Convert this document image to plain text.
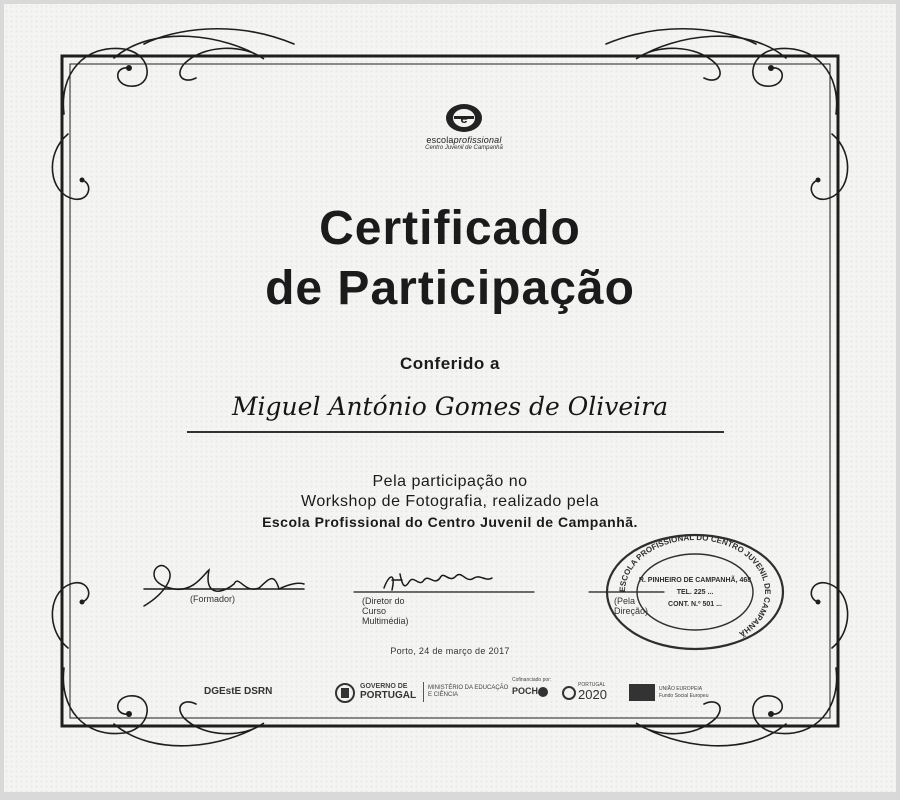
e
escolaprofissional
Centro Juvenil de Campanhã
Certificado
de Participação
Conferido a
Miguel António Gomes de Oliveira
Pela participação no
Workshop de Fotografia, realizado pela
Escola Profissional do Centro Juvenil de Campanhã.
(Formador)	(Diretor do Curso Multimédia)
(Pela Direção)
ESCOLA PROFISSIONAL DO CENTRO JUVENIL DE CAMPANHÃ
R. PINHEIRO DE CAMPANHÃ, 468
TEL. 225 ...
CONT. N.º 501 ...
Porto, 24 de março de 2017
DGEstE DSRN	GOVERNO DE
PORTUGAL
MINISTÉRIO DA EDUCAÇÃO
E CIÊNCIA
Cofinanciado por:
POCH
PORTUGAL
2020	UNIÃO EUROPEIA
Fundo Social Europeu
